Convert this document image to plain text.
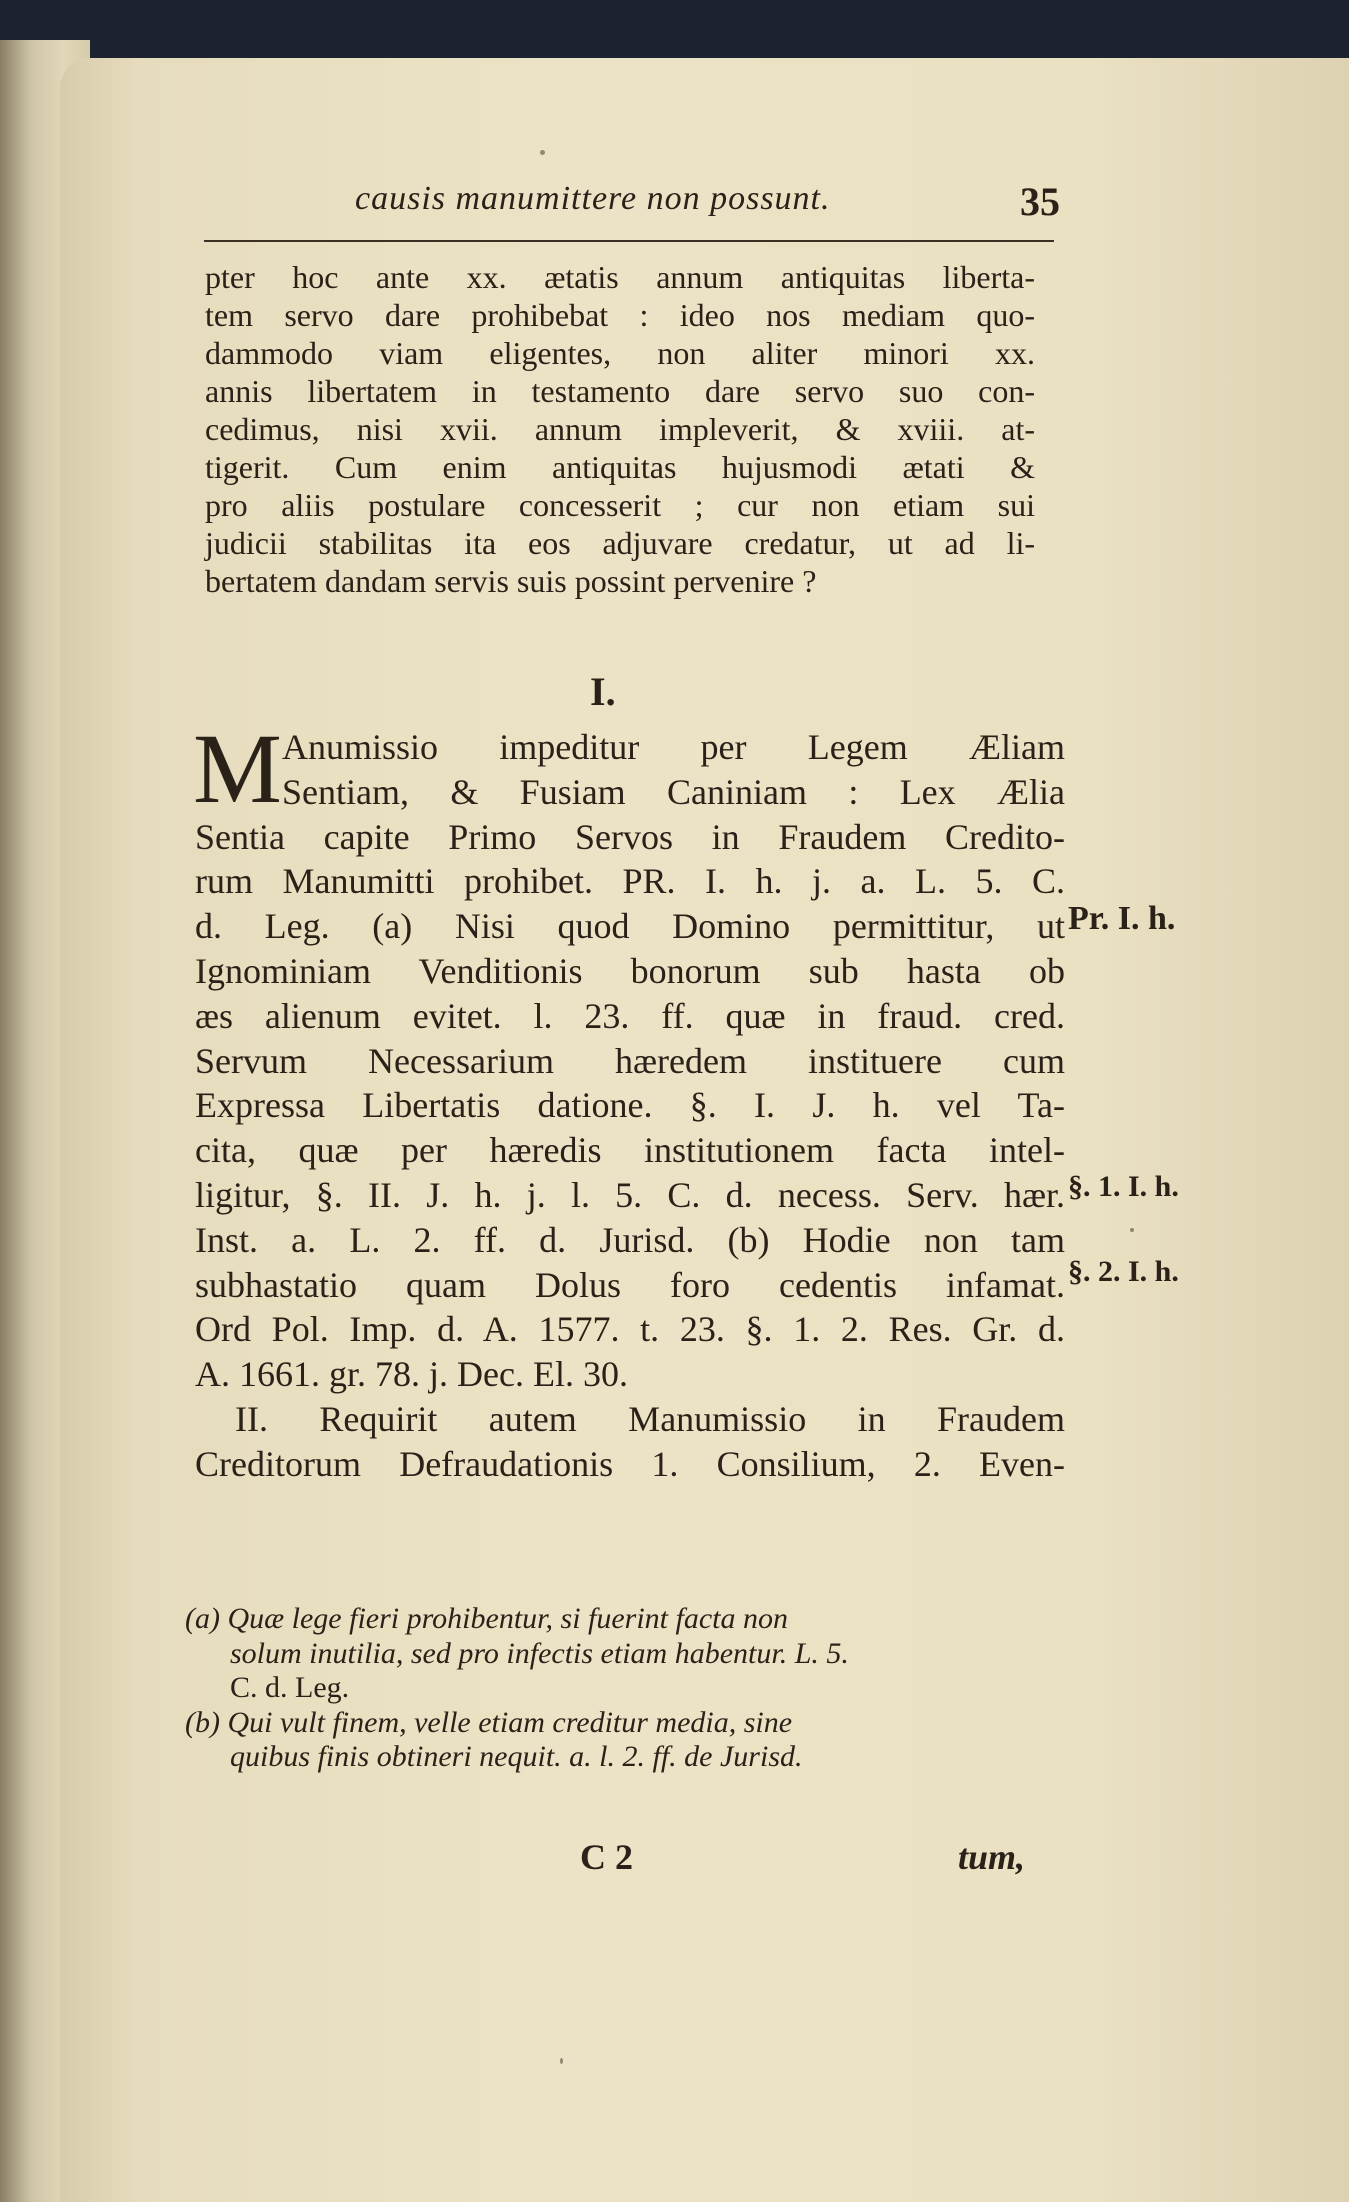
causis manumittere non possunt.	35
pter hoc ante xx. ætatis annum antiquitas liberta-
tem servo dare prohibebat : ideo nos mediam quo-
dammodo viam eligentes, non aliter minori xx.
annis libertatem in testamento dare servo suo con-
cedimus, nisi xvii. annum impleverit, & xviii. at-
tigerit. Cum enim antiquitas hujusmodi ætati &
pro aliis postulare concesserit ; cur non etiam sui
judicii stabilitas ita eos adjuvare credatur, ut ad li-
bertatem dandam servis suis possint pervenire ?
I.
M Anumissio impeditur per Legem Æliam
Sentiam, & Fusiam Caniniam : Lex Ælia
Sentia capite Primo Servos in Fraudem Credito-
rum Manumitti prohibet. PR. I. h. j. a. L. 5. C.
d. Leg. (a) Nisi quod Domino permittitur, ut
Ignominiam Venditionis bonorum sub hasta ob
æs alienum evitet. l. 23. ff. quæ in fraud. cred.
Servum Necessarium hæredem instituere cum
Expressa Libertatis datione. §. I. J. h. vel Ta-
cita, quæ per hæredis institutionem facta intel-
ligitur, §. II. J. h. j. l. 5. C. d. necess. Serv. hær.
Inst. a. L. 2. ff. d. Jurisd. (b) Hodie non tam
subhastatio quam Dolus foro cedentis infamat.
Ord Pol. Imp. d. A. 1577. t. 23. §. 1. 2. Res. Gr. d.
A. 1661. gr. 78. j. Dec. El. 30.
II. Requirit autem Manumissio in Fraudem
Creditorum Defraudationis 1. Consilium, 2. Even-
Pr. I. h.
§. 1. I. h.
§. 2. I. h.
(a) Quæ lege fieri prohibentur, si fuerint facta non
solum inutilia, sed pro infectis etiam habentur. L. 5.
C. d. Leg.
(b) Qui vult finem, velle etiam creditur media, sine
quibus finis obtineri nequit. a. l. 2. ff. de Jurisd.
C 2	tum,
